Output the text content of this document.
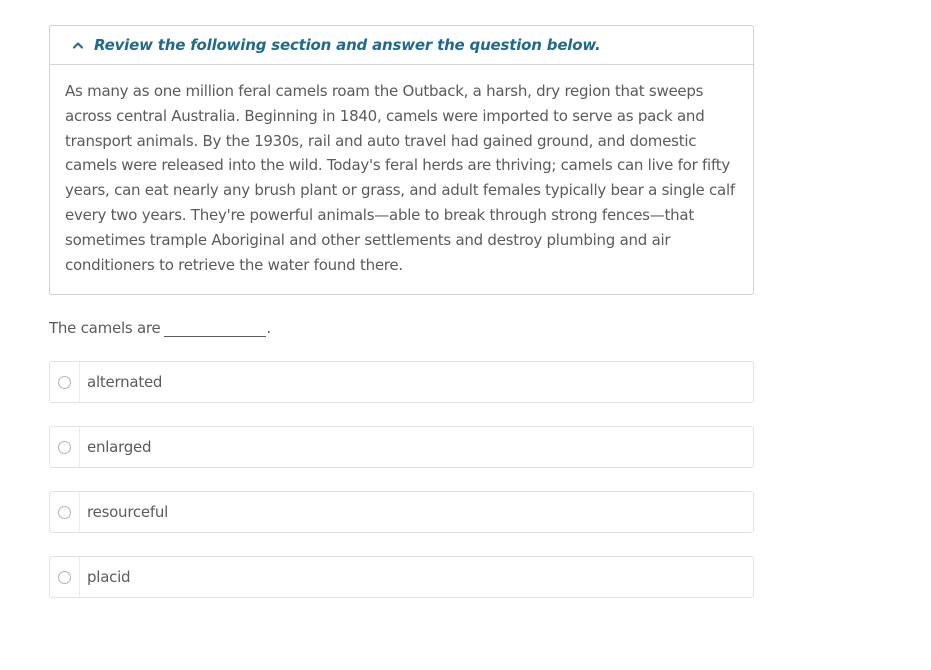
Review the following section and answer the question below.

As many as one million feral camels roam the Outback, a harsh, dry region that sweeps across central Australia. Beginning in 1840, camels were imported to serve as pack and transport animals. By the 1930s, rail and auto travel had gained ground, and domestic camels were released into the wild. Today's feral herds are thriving; camels can live for fifty years, can eat nearly any brush plant or grass, and adult females typically bear a single calf every two years. They're powerful animals—able to break through strong fences—that sometimes trample Aboriginal and other settlements and destroy plumbing and air conditioners to retrieve the water found there.

The camels are	.
alternated
enlarged
resourceful
placid
